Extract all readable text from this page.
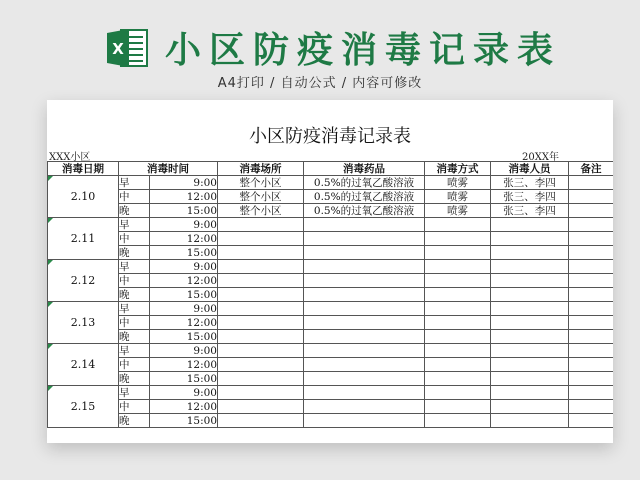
X 小区防疫消毒记录表
A4打印 / 自动公式 / 内容可修改
小区防疫消毒记录表
XXX小区	20XX年
消毒日期	消毒时间		消毒场所	消毒药品	消毒方式	消毒人员	备注
2.10	早	9:00	整个小区	0.5%的过氧乙酸溶液	喷雾	张三、李四	
	中	12:00	整个小区	0.5%的过氧乙酸溶液	喷雾	张三、李四	
	晚	15:00	整个小区	0.5%的过氧乙酸溶液	喷雾	张三、李四	
2.11	早	9:00					
	中	12:00					
	晚	15:00					
2.12	早	9:00					
	中	12:00					
	晚	15:00					
2.13	早	9:00					
	中	12:00					
	晚	15:00					
2.14	早	9:00					
	中	12:00					
	晚	15:00					
2.15	早	9:00					
	中	12:00					
	晚	15:00					
